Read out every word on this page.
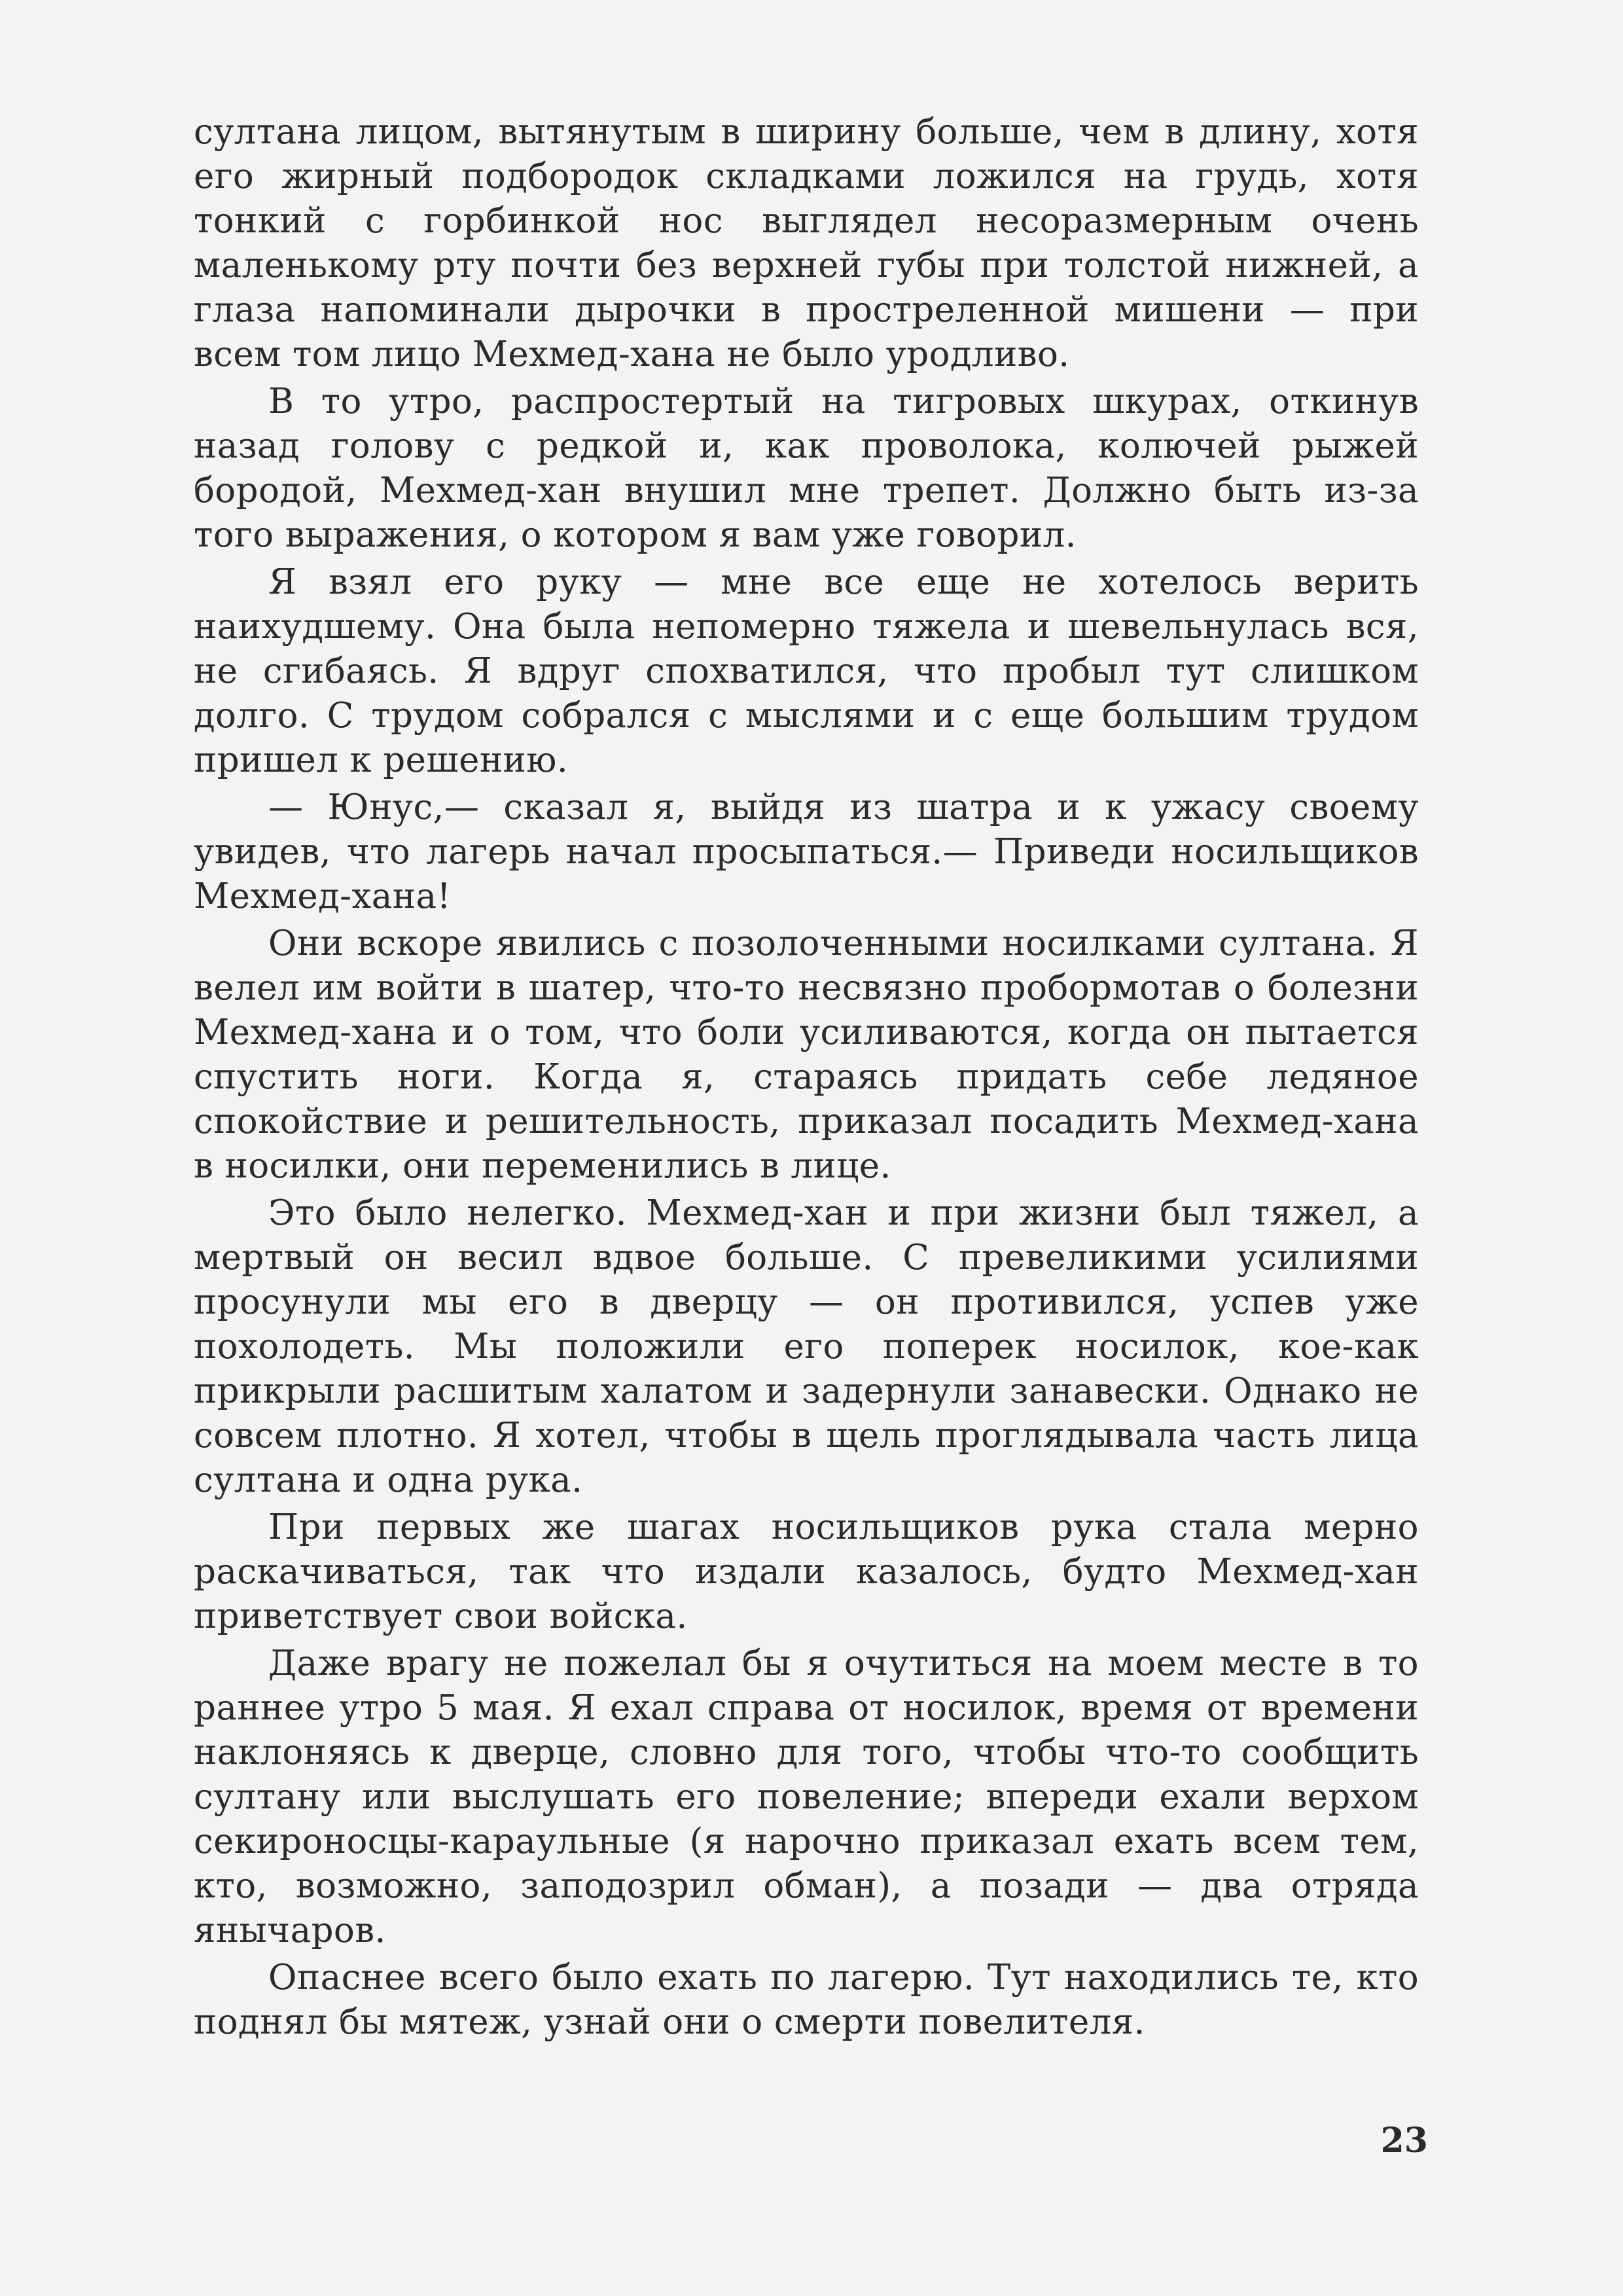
султана лицом, вытянутым в ширину больше, чем в длину, хотя его жирный подбородок складками ложился на грудь, хотя тонкий с горбинкой нос выглядел несоразмерным очень маленькому рту почти без верхней губы при толстой нижней, а глаза напоминали дырочки в простреленной мишени — при всем том лицо Мехмед-хана не было уродливо.

В то утро, распростертый на тигровых шкурах, откинув назад голову с редкой и, как проволока, колючей рыжей бородой, Мехмед-хан внушил мне трепет. Должно быть из-за того выражения, о котором я вам уже говорил.

Я взял его руку — мне все еще не хотелось верить наихудшему. Она была непомерно тяжела и шевельнулась вся, не сгибаясь. Я вдруг спохватился, что пробыл тут слишком долго. С трудом собрался с мыслями и с еще большим трудом пришел к решению.

— Юнус,— сказал я, выйдя из шатра и к ужасу своему увидев, что лагерь начал просыпаться.— Приведи носильщиков Мехмед-хана!

Они вскоре явились с позолоченными носилками султана. Я велел им войти в шатер, что-то несвязно пробормотав о болезни Мехмед-хана и о том, что боли усиливаются, когда он пытается спустить ноги. Когда я, стараясь придать себе ледяное спокойствие и решительность, приказал посадить Мехмед-хана в носилки, они переменились в лице.

Это было нелегко. Мехмед-хан и при жизни был тяжел, а мертвый он весил вдвое больше. С превеликими усилиями просунули мы его в дверцу — он противился, успев уже похолодеть. Мы положили его поперек носилок, кое-как прикрыли расшитым халатом и задернули занавески. Однако не совсем плотно. Я хотел, чтобы в щель проглядывала часть лица султана и одна рука.

При первых же шагах носильщиков рука стала мерно раскачиваться, так что издали казалось, будто Мехмед-хан приветствует свои войска.

Даже врагу не пожелал бы я очутиться на моем месте в то раннее утро 5 мая. Я ехал справа от носилок, время от времени наклоняясь к дверце, словно для того, чтобы что-то сообщить султану или выслушать его повеление; впереди ехали верхом секироносцы-караульные (я нарочно приказал ехать всем тем, кто, возможно, заподозрил обман), а позади — два отряда янычаров.

Опаснее всего было ехать по лагерю. Тут находились те, кто поднял бы мятеж, узнай они о смерти повелителя.

23
